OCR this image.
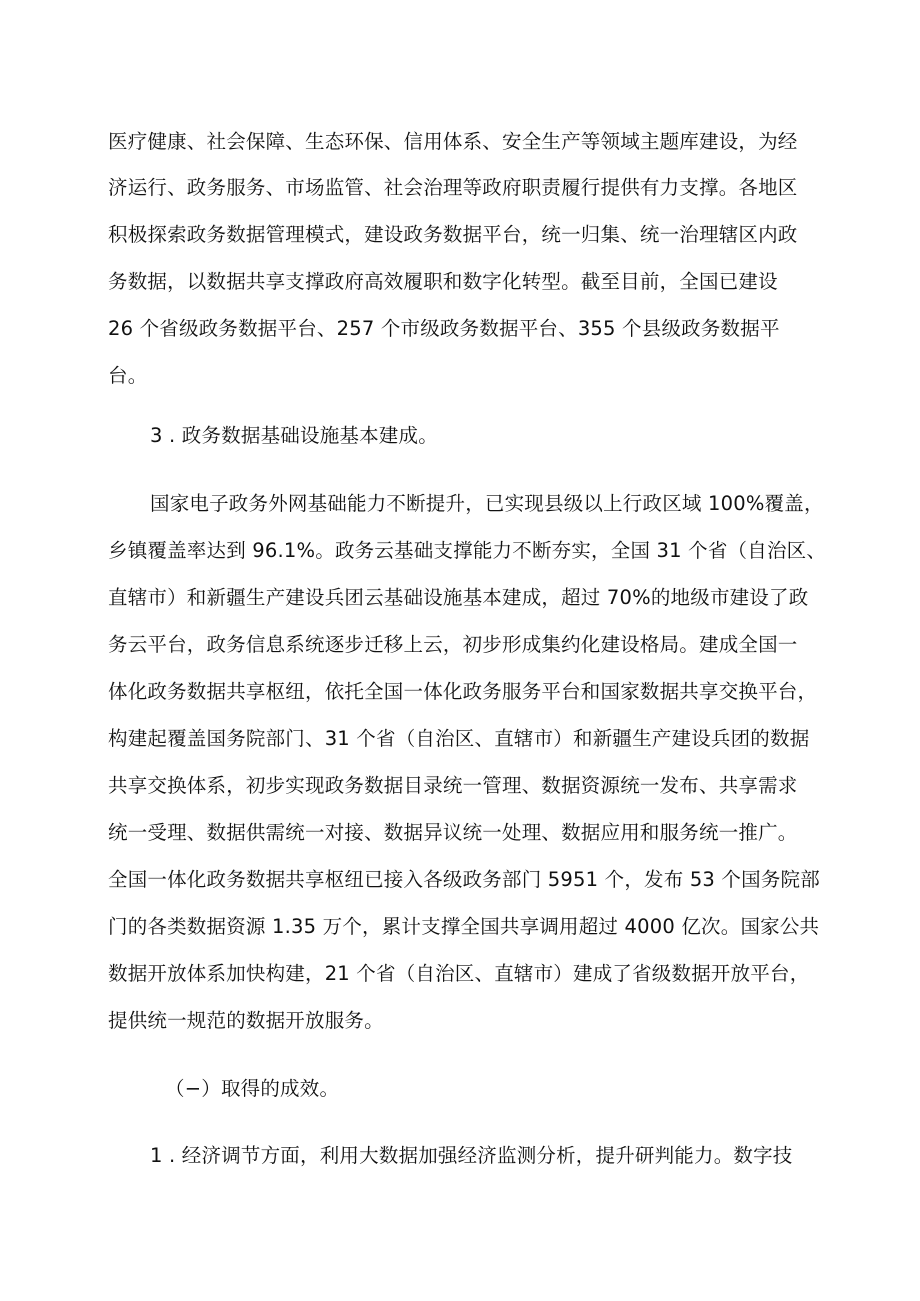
医疗健康、社会保障、生态环保、信用体系、安全生产等领域主题库建设，为经
济运行、政务服务、市场监管、社会治理等政府职责履行提供有力支撑。各地区
积极探索政务数据管理模式，建设政务数据平台，统一归集、统一治理辖区内政
务数据，以数据共享支撑政府高效履职和数字化转型。截至目前，全国已建设
26 个省级政务数据平台、257 个市级政务数据平台、355 个县级政务数据平
台。
3 . 政务数据基础设施基本建成。
国家电子政务外网基础能力不断提升，已实现县级以上行政区域 100%覆盖，
乡镇覆盖率达到 96.1%。政务云基础支撑能力不断夯实，全国 31 个省（自治区、
直辖市）和新疆生产建设兵团云基础设施基本建成，超过 70%的地级市建设了政
务云平台，政务信息系统逐步迁移上云，初步形成集约化建设格局。建成全国一
体化政务数据共享枢纽，依托全国一体化政务服务平台和国家数据共享交换平台，
构建起覆盖国务院部门、31 个省（自治区、直辖市）和新疆生产建设兵团的数据
共享交换体系，初步实现政务数据目录统一管理、数据资源统一发布、共享需求
统一受理、数据供需统一对接、数据异议统一处理、数据应用和服务统一推广。
全国一体化政务数据共享枢纽已接入各级政务部门 5951 个，发布 53 个国务院部
门的各类数据资源 1.35 万个，累计支撑全国共享调用超过 4000 亿次。国家公共
数据开放体系加快构建，21 个省（自治区、直辖市）建成了省级数据开放平台，
提供统一规范的数据开放服务。
（−）取得的成效。
1 . 经济调节方面，利用大数据加强经济监测分析，提升研判能力。数字技
